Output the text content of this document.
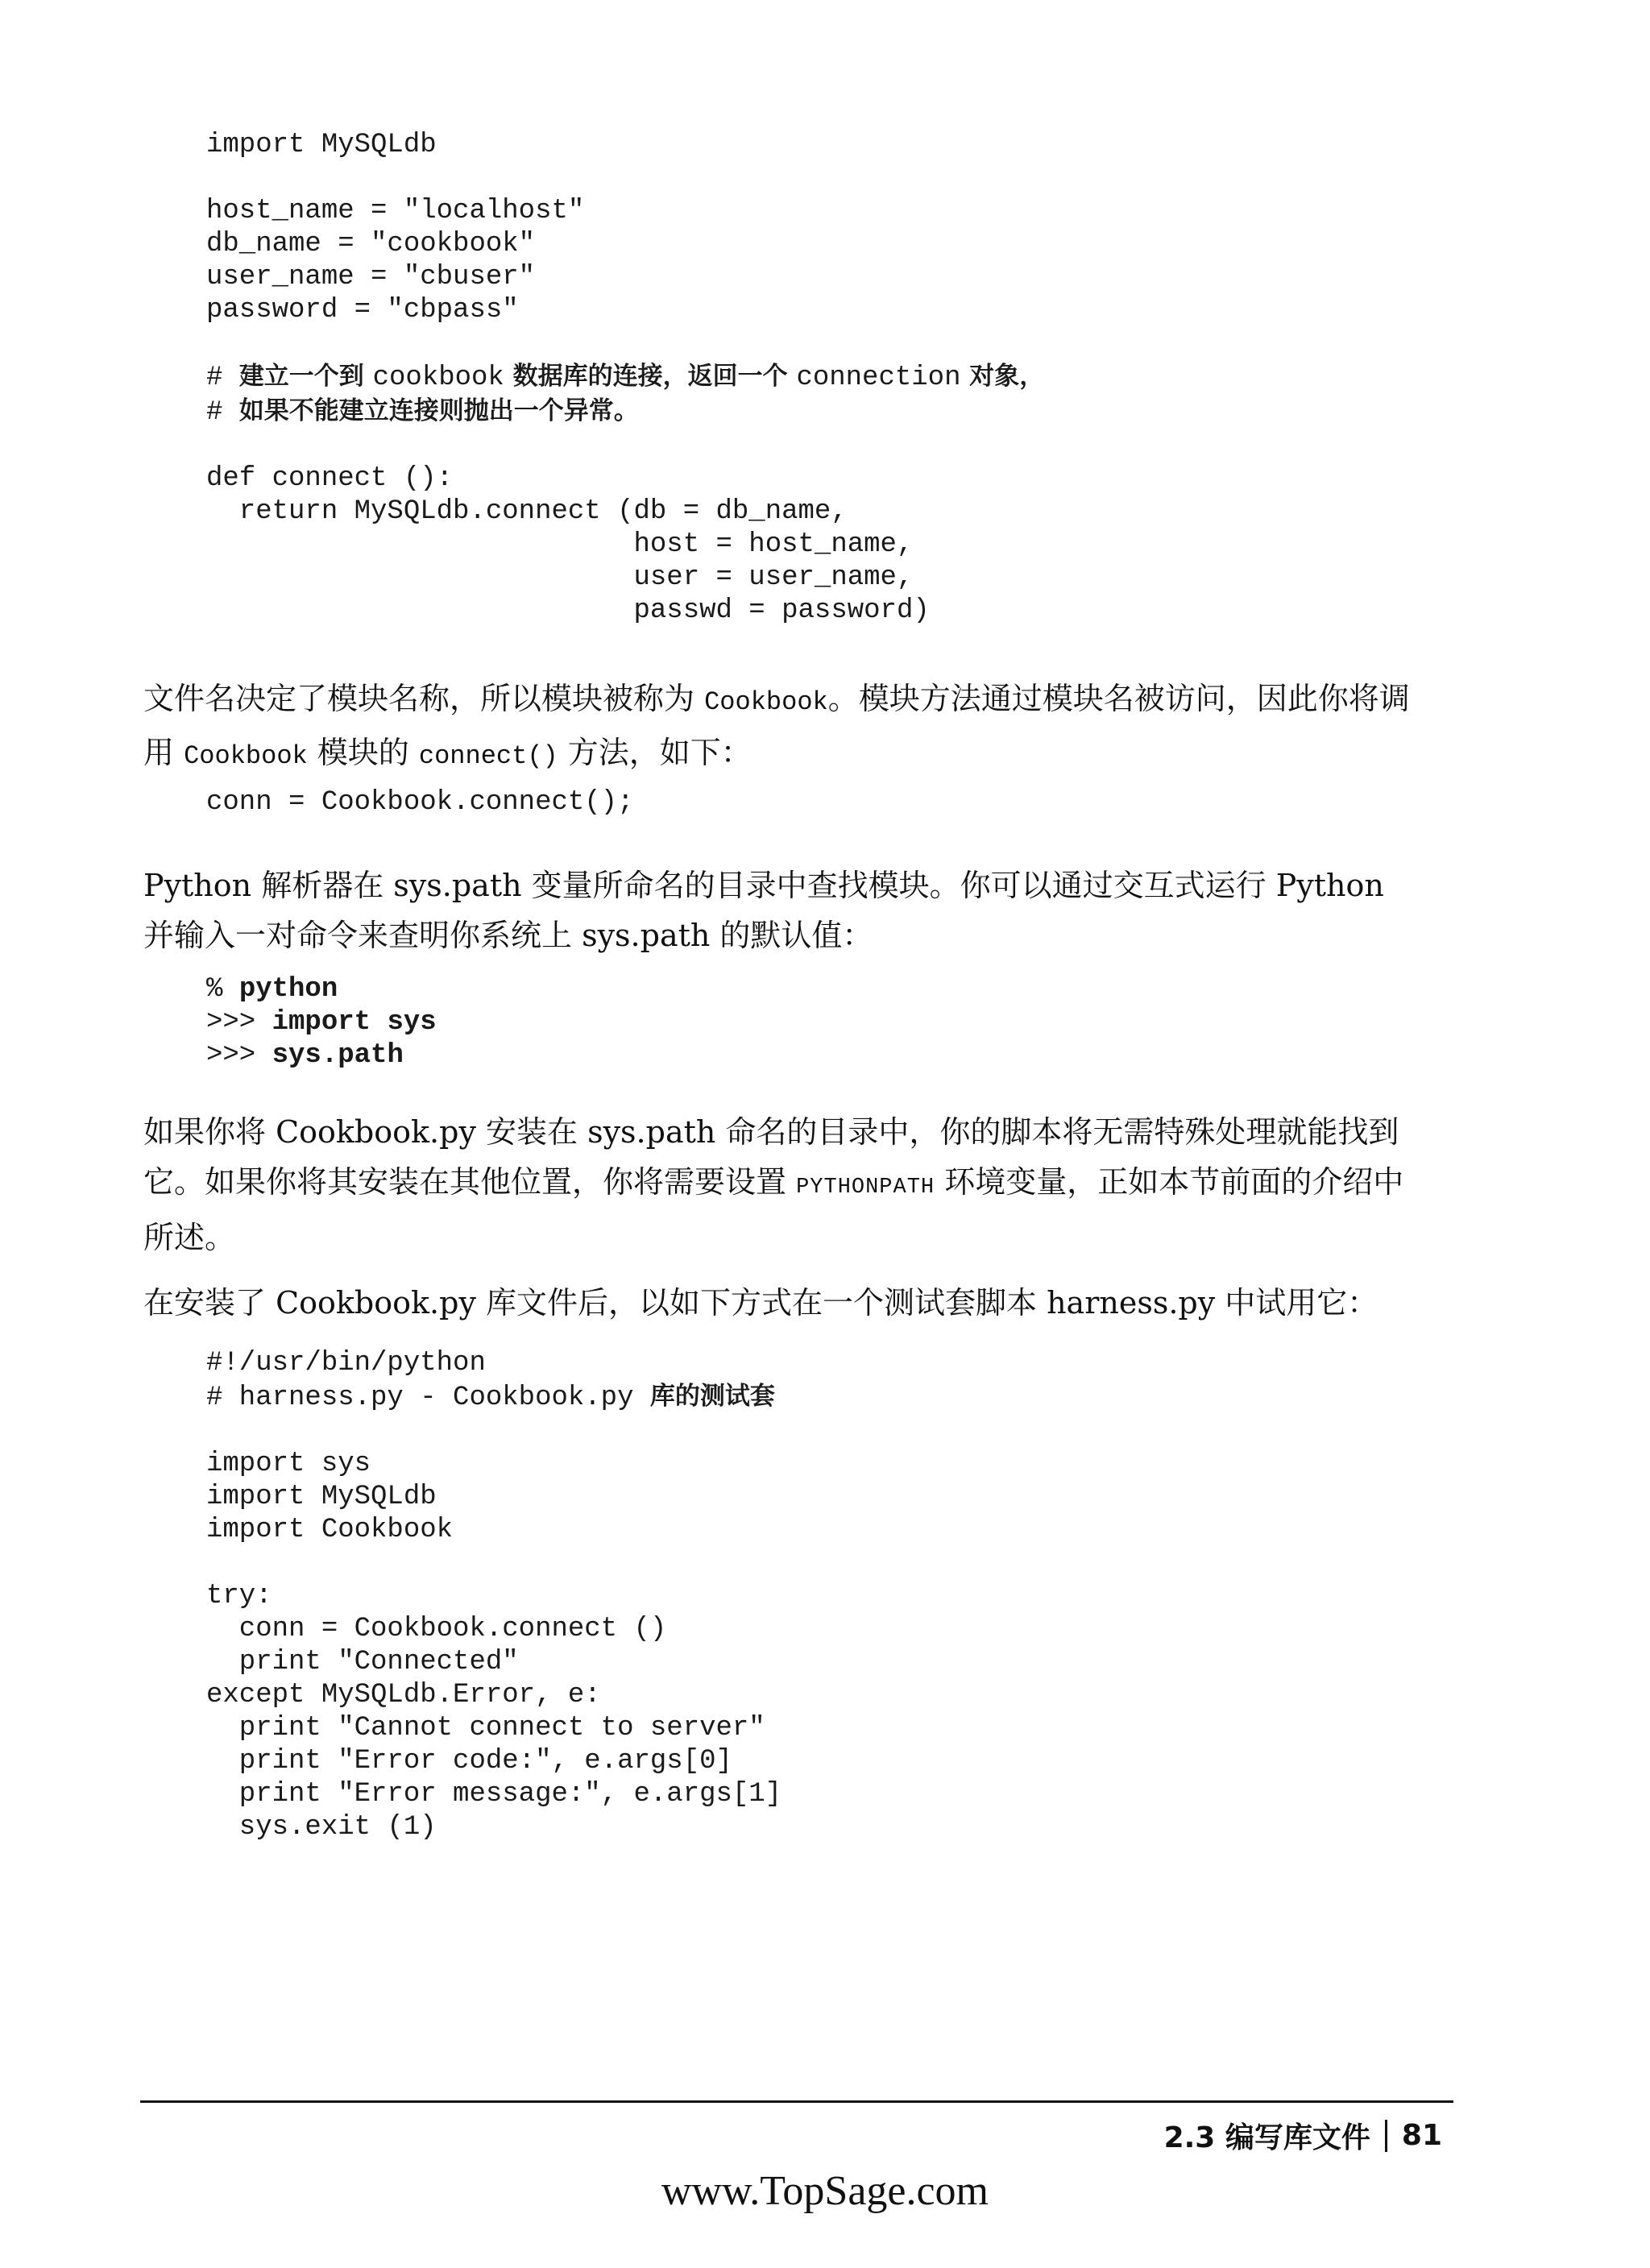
import MySQLdb
host_name = "localhost"
db_name = "cookbook"
user_name = "cbuser"
password = "cbpass"
# 建立一个到 cookbook 数据库的连接，返回一个 connection 对象，
# 如果不能建立连接则抛出一个异常。
def connect ():
return MySQLdb.connect (db = db_name,
host = host_name,
user = user_name,
passwd = password)

文件名决定了模块名称，所以模块被称为 Cookbook。模块方法通过模块名被访问，因此你将调用 Cookbook 模块的 connect() 方法，如下：

conn = Cookbook.connect();

Python 解析器在 sys.path 变量所命名的目录中查找模块。你可以通过交互式运行 Python 并输入一对命令来查明你系统上 sys.path 的默认值：

% python
>>> import sys
>>> sys.path

如果你将 Cookbook.py 安装在 sys.path 命名的目录中，你的脚本将无需特殊处理就能找到它。如果你将其安装在其他位置，你将需要设置 PYTHONPATH 环境变量，正如本节前面的介绍中所述。

在安装了 Cookbook.py 库文件后，以如下方式在一个测试套脚本 harness.py 中试用它：

#!/usr/bin/python
# harness.py - Cookbook.py 库的测试套
import sys
import MySQLdb
import Cookbook
try:
conn = Cookbook.connect ()
print "Connected"
except MySQLdb.Error, e:
print "Cannot connect to server"
print "Error code:", e.args[0]
print "Error message:", e.args[1]
sys.exit (1)
2.3 编写库文件 81
www.TopSage.com
